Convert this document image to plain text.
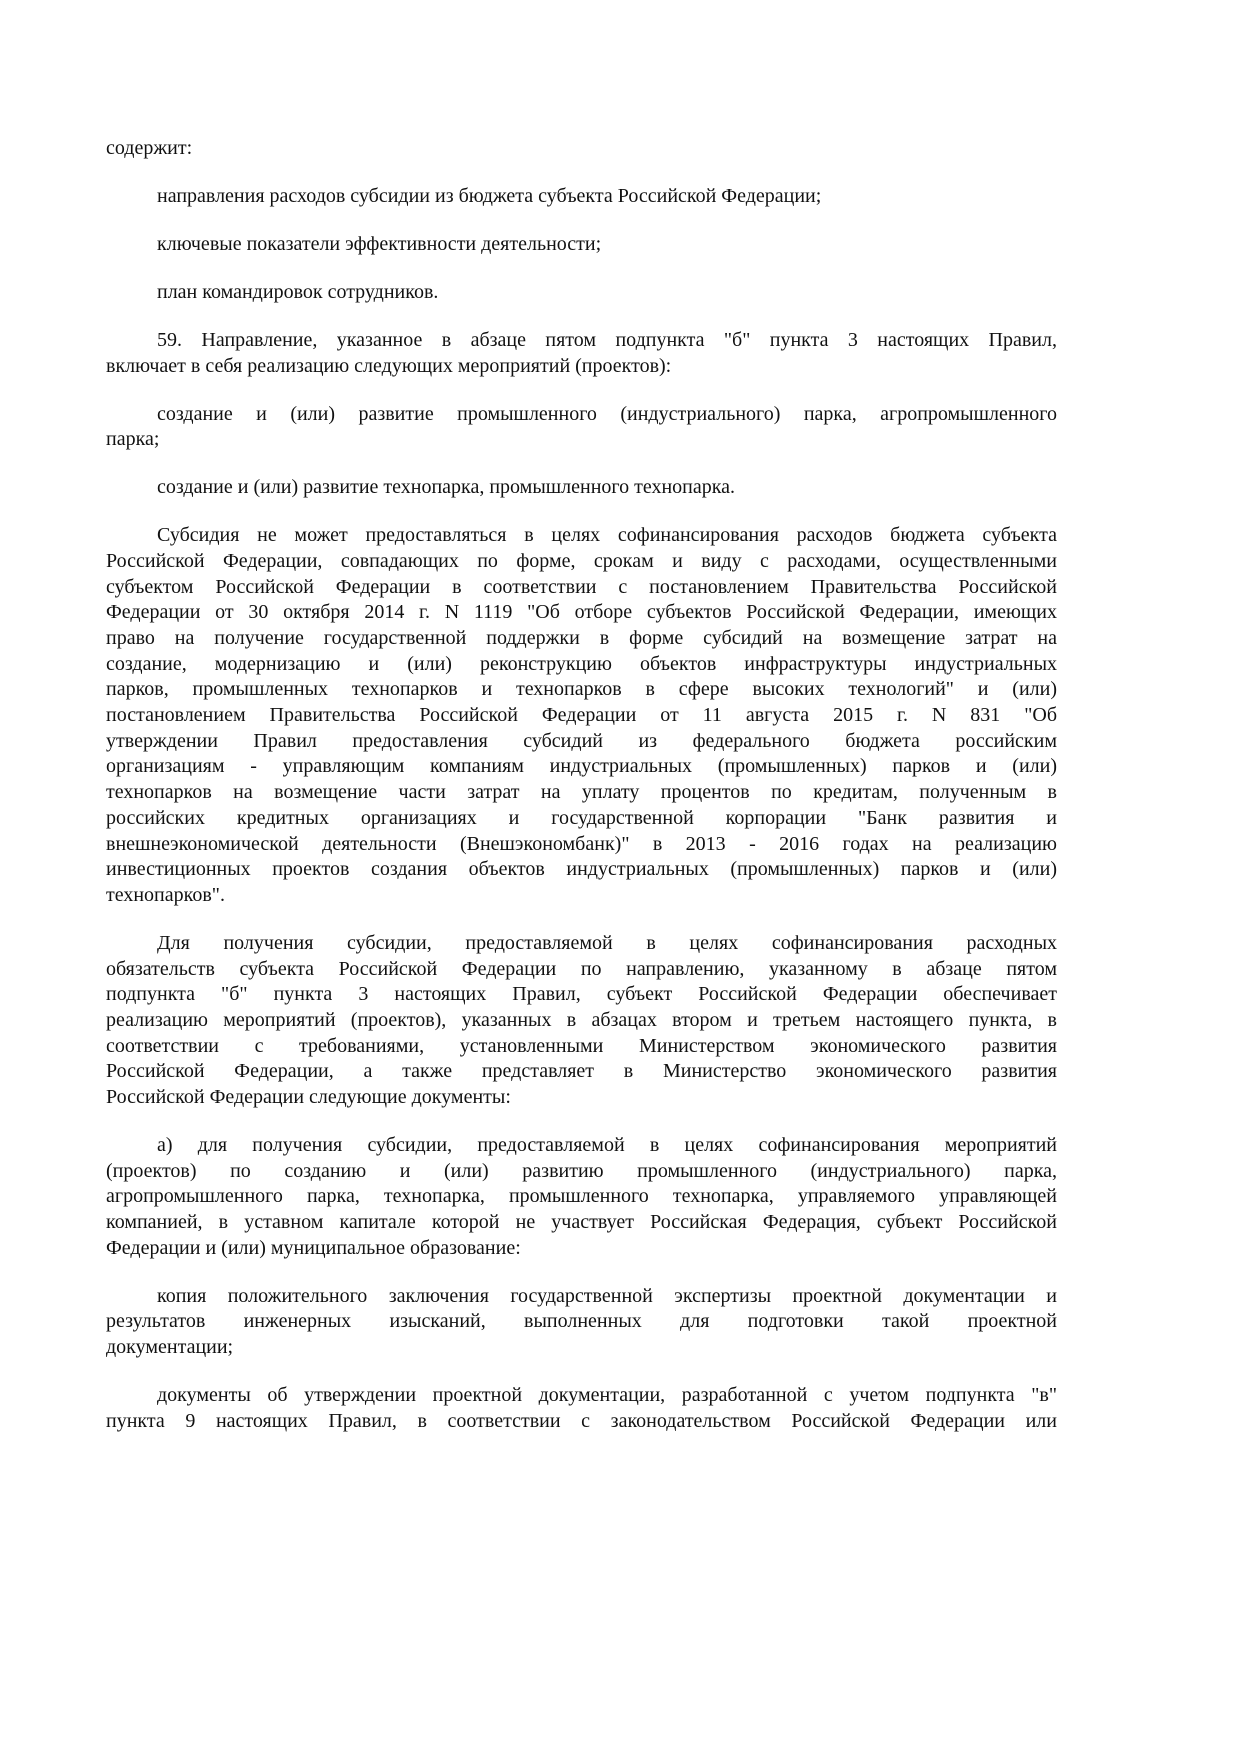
содержит:
направления расходов субсидии из бюджета субъекта Российской Федерации;
ключевые показатели эффективности деятельности;
план командировок сотрудников.
59. Направление, указанное в абзаце пятом подпункта "б" пункта 3 настоящих Правил,
включает в себя реализацию следующих мероприятий (проектов):
создание и (или) развитие промышленного (индустриального) парка, агропромышленного
парка;
создание и (или) развитие технопарка, промышленного технопарка.
Субсидия не может предоставляться в целях софинансирования расходов бюджета субъекта
Российской Федерации, совпадающих по форме, срокам и виду с расходами, осуществленными
субъектом Российской Федерации в соответствии с постановлением Правительства Российской
Федерации от 30 октября 2014 г. N 1119 "Об отборе субъектов Российской Федерации, имеющих
право на получение государственной поддержки в форме субсидий на возмещение затрат на
создание, модернизацию и (или) реконструкцию объектов инфраструктуры индустриальных
парков, промышленных технопарков и технопарков в сфере высоких технологий" и (или)
постановлением Правительства Российской Федерации от 11 августа 2015 г. N 831 "Об
утверждении Правил предоставления субсидий из федерального бюджета российским
организациям - управляющим компаниям индустриальных (промышленных) парков и (или)
технопарков на возмещение части затрат на уплату процентов по кредитам, полученным в
российских кредитных организациях и государственной корпорации "Банк развития и
внешнеэкономической деятельности (Внешэкономбанк)" в 2013 - 2016 годах на реализацию
инвестиционных проектов создания объектов индустриальных (промышленных) парков и (или)
технопарков".
Для получения субсидии, предоставляемой в целях софинансирования расходных
обязательств субъекта Российской Федерации по направлению, указанному в абзаце пятом
подпункта "б" пункта 3 настоящих Правил, субъект Российской Федерации обеспечивает
реализацию мероприятий (проектов), указанных в абзацах втором и третьем настоящего пункта, в
соответствии с требованиями, установленными Министерством экономического развития
Российской Федерации, а также представляет в Министерство экономического развития
Российской Федерации следующие документы:
а) для получения субсидии, предоставляемой в целях софинансирования мероприятий
(проектов) по созданию и (или) развитию промышленного (индустриального) парка,
агропромышленного парка, технопарка, промышленного технопарка, управляемого управляющей
компанией, в уставном капитале которой не участвует Российская Федерация, субъект Российской
Федерации и (или) муниципальное образование:
копия положительного заключения государственной экспертизы проектной документации и
результатов инженерных изысканий, выполненных для подготовки такой проектной
документации;
документы об утверждении проектной документации, разработанной с учетом подпункта "в"
пункта 9 настоящих Правил, в соответствии с законодательством Российской Федерации или
